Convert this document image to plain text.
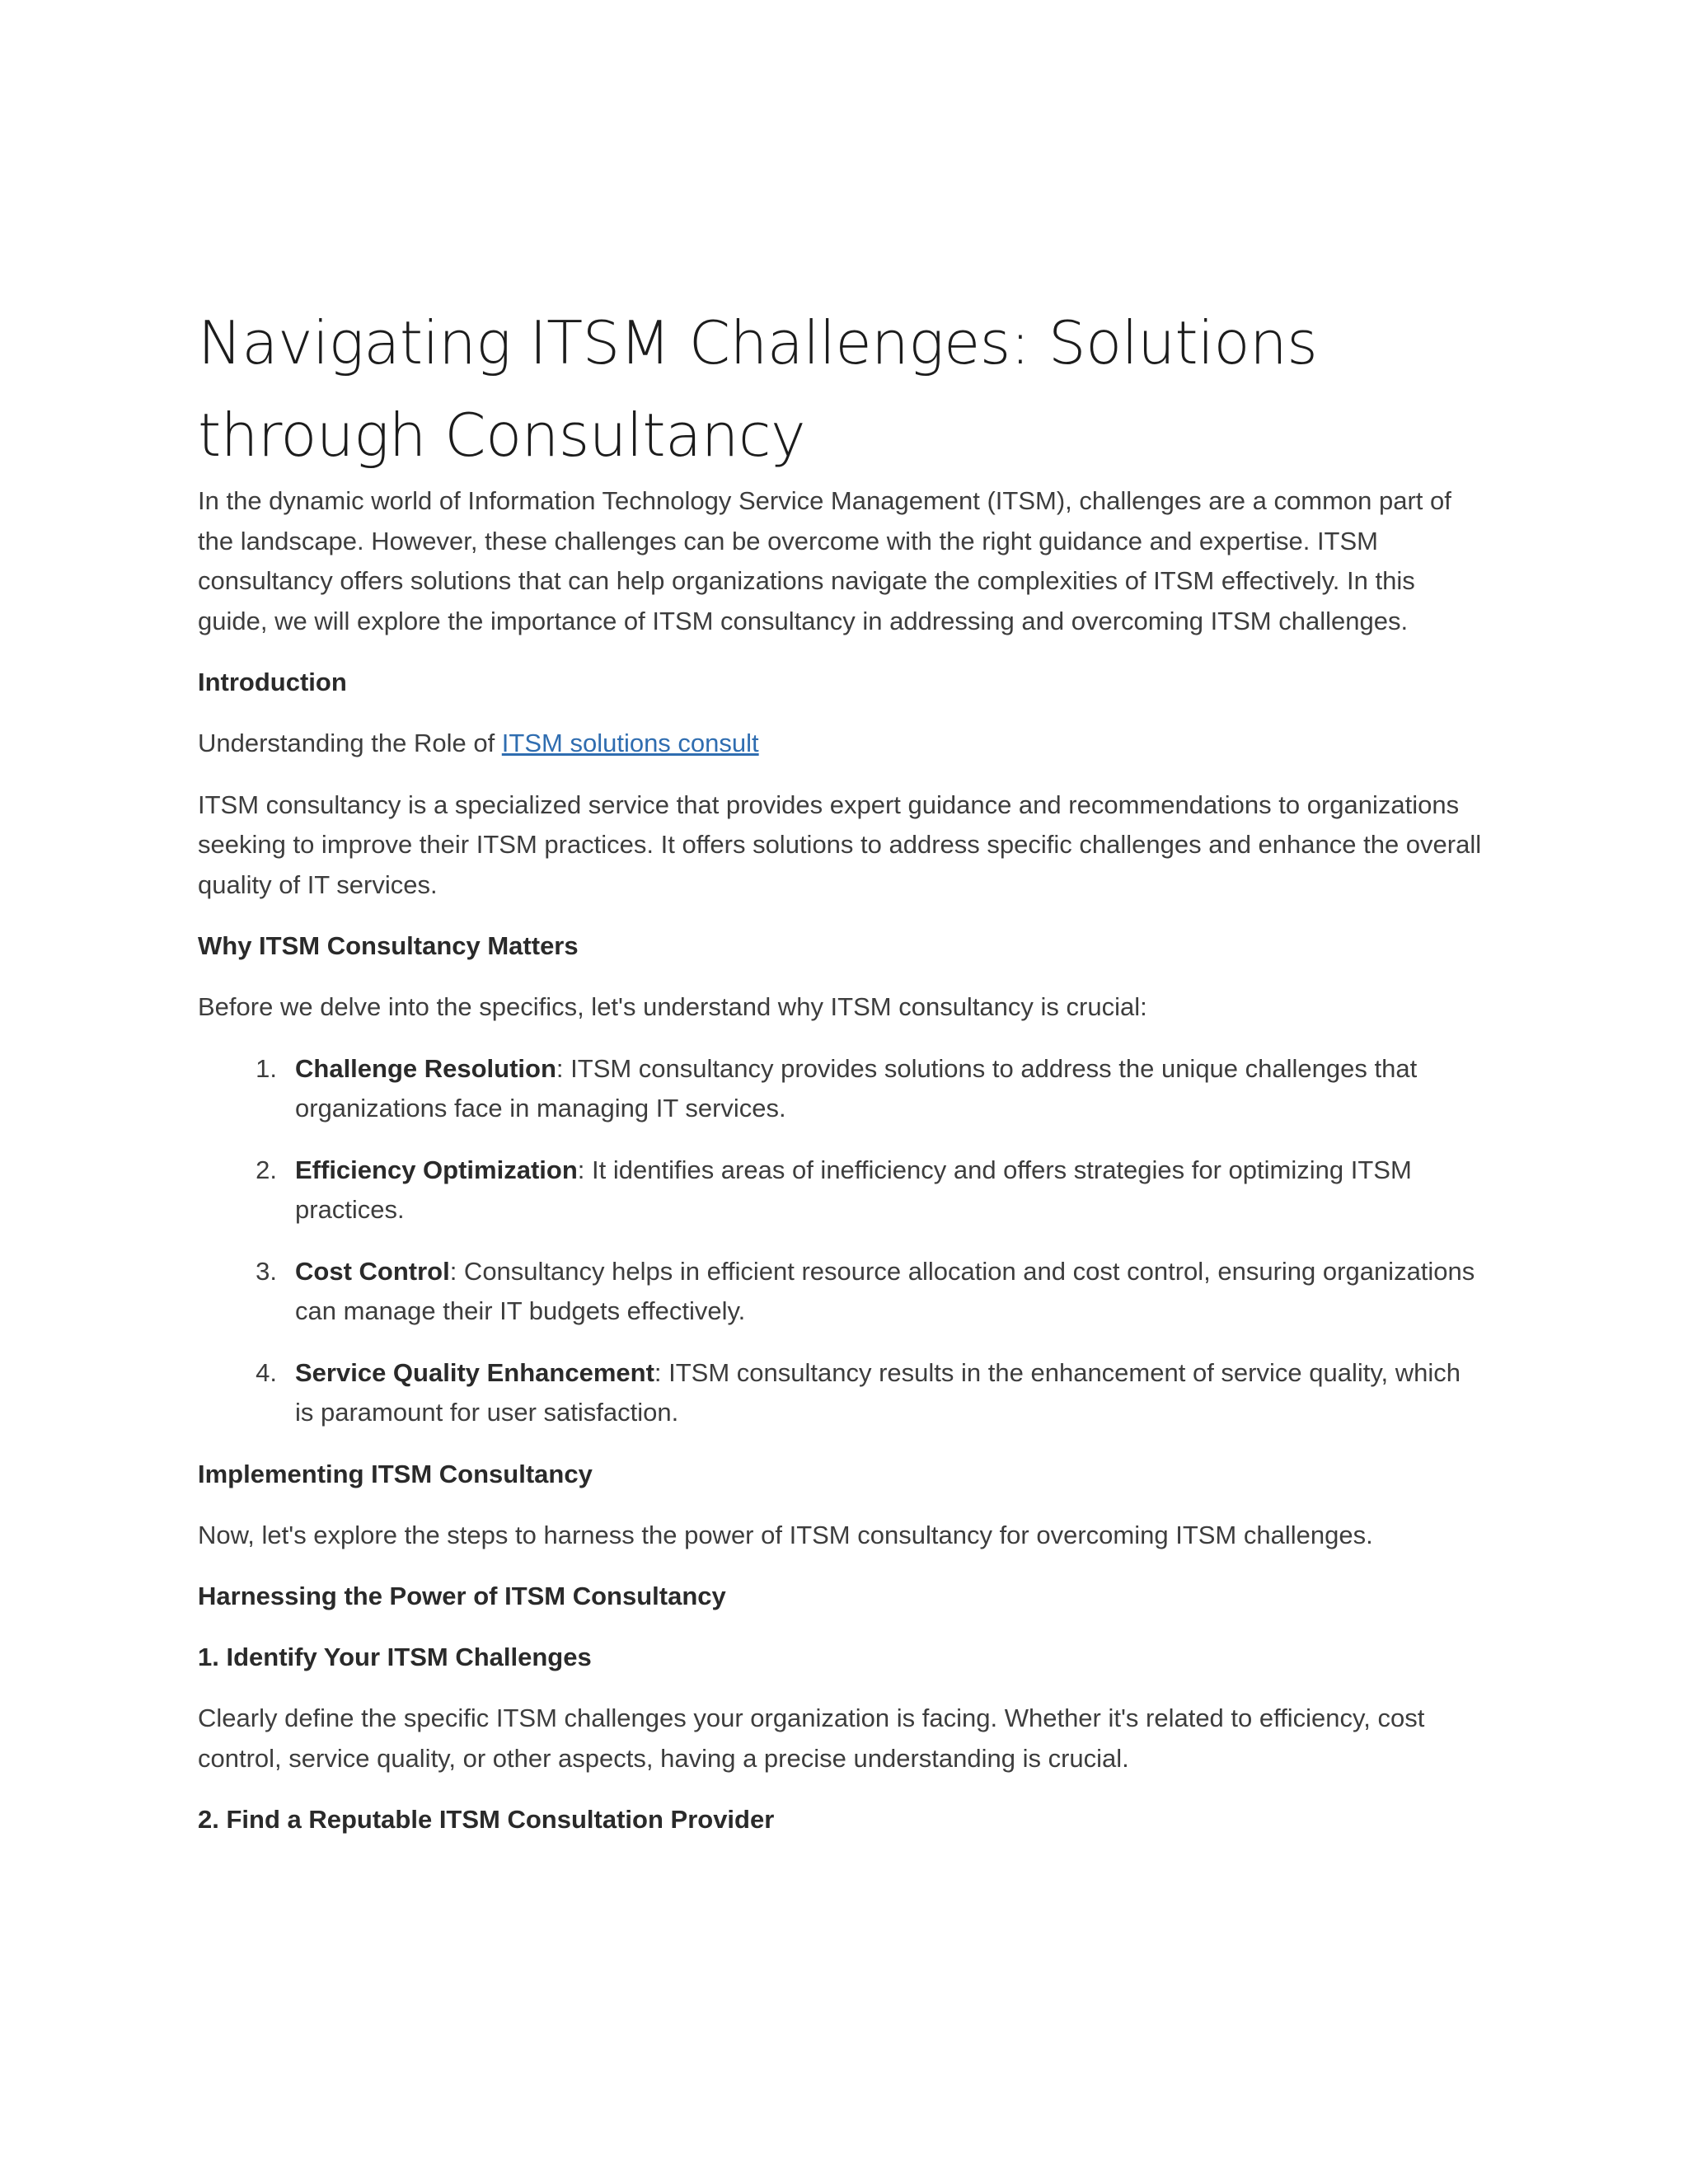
Navigating ITSM Challenges: Solutions through Consultancy

In the dynamic world of Information Technology Service Management (ITSM), challenges are a common part of the landscape. However, these challenges can be overcome with the right guidance and expertise. ITSM consultancy offers solutions that can help organizations navigate the complexities of ITSM effectively. In this guide, we will explore the importance of ITSM consultancy in addressing and overcoming ITSM challenges.

Introduction

Understanding the Role of ITSM solutions consult

ITSM consultancy is a specialized service that provides expert guidance and recommendations to organizations seeking to improve their ITSM practices. It offers solutions to address specific challenges and enhance the overall quality of IT services.

Why ITSM Consultancy Matters

Before we delve into the specifics, let's understand why ITSM consultancy is crucial:

1. Challenge Resolution: ITSM consultancy provides solutions to address the unique challenges that organizations face in managing IT services.
2. Efficiency Optimization: It identifies areas of inefficiency and offers strategies for optimizing ITSM practices.
3. Cost Control: Consultancy helps in efficient resource allocation and cost control, ensuring organizations can manage their IT budgets effectively.
4. Service Quality Enhancement: ITSM consultancy results in the enhancement of service quality, which is paramount for user satisfaction.

Implementing ITSM Consultancy

Now, let's explore the steps to harness the power of ITSM consultancy for overcoming ITSM challenges.

Harnessing the Power of ITSM Consultancy

1. Identify Your ITSM Challenges

Clearly define the specific ITSM challenges your organization is facing. Whether it's related to efficiency, cost control, service quality, or other aspects, having a precise understanding is crucial.

2. Find a Reputable ITSM Consultation Provider
